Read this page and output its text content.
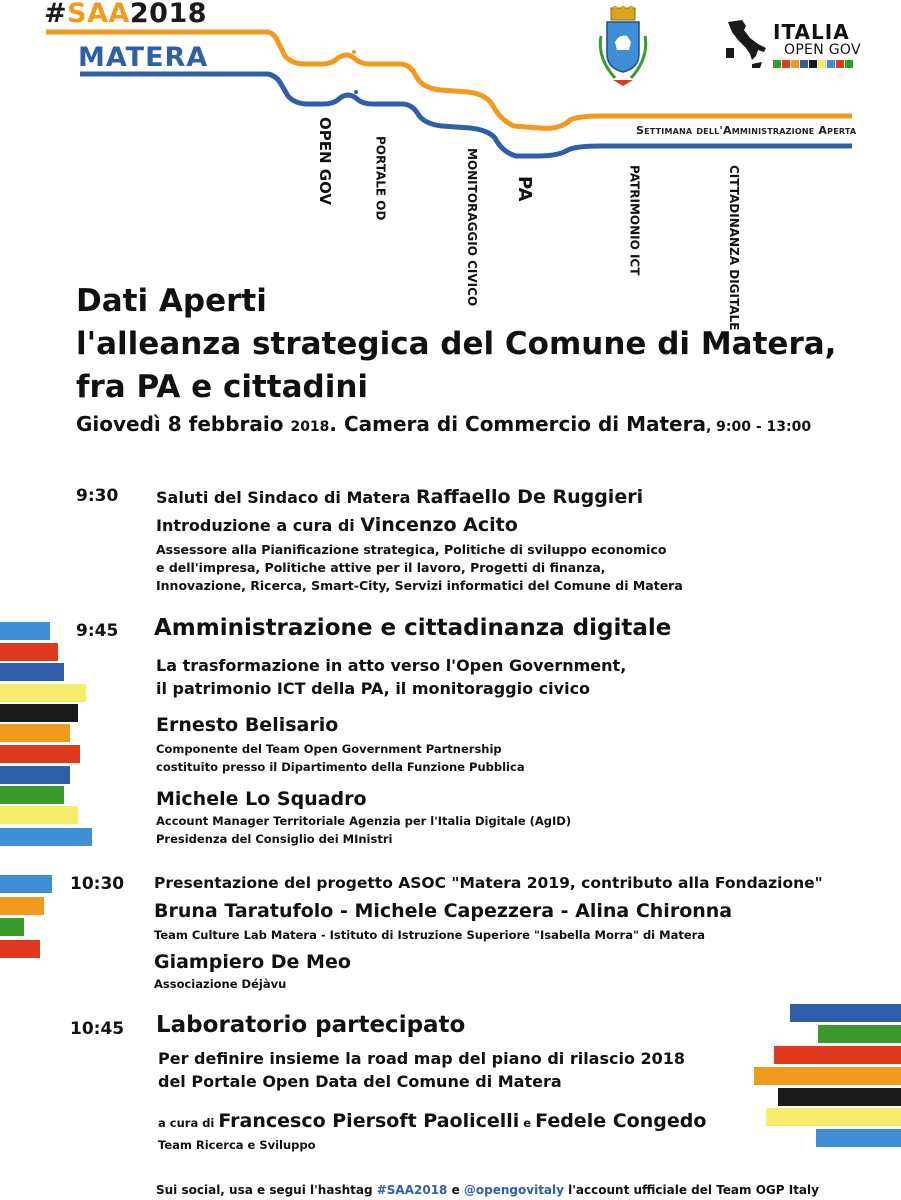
#SAA2018
MATERA
Settimana dell'Amministrazione Aperta
OPEN GOV	PORTALE OD	MONITORAGGIO CIVICO PA	PATRIMONIO ICT	CITTADINANZA DIGITALE
ITALIA
OPEN GOV
Dati Aperti
l'alleanza strategica del Comune di Matera,
fra PA e cittadini
Giovedì 8 febbraio 2018. Camera di Commercio di Matera, 9:00 - 13:00
9:30 Saluti del Sindaco di Matera Raffaello De Ruggieri
Introduzione a cura di Vincenzo Acito
Assessore alla Pianificazione strategica, Politiche di sviluppo economico
e dell'impresa, Politiche attive per il lavoro, Progetti di finanza,
Innovazione, Ricerca, Smart-City, Servizi informatici del Comune di Matera
9:45 Amministrazione e cittadinanza digitale
La trasformazione in atto verso l'Open Government,
il patrimonio ICT della PA, il monitoraggio civico
Ernesto Belisario
Componente del Team Open Government Partnership
costituito presso il Dipartimento della Funzione Pubblica
Michele Lo Squadro
Account Manager Territoriale Agenzia per l'Italia Digitale (AgID)
Presidenza del Consiglio dei MInistri
10:30 Presentazione del progetto ASOC "Matera 2019, contributo alla Fondazione"
Bruna Taratufolo - Michele Capezzera - Alina Chironna
Team Culture Lab Matera - Istituto di Istruzione Superiore "Isabella Morra" di Matera
Giampiero De Meo
Associazione Déjàvu
10:45 Laboratorio partecipato
Per definire insieme la road map del piano di rilascio 2018
del Portale Open Data del Comune di Matera
a cura di Francesco Piersoft Paolicelli e Fedele Congedo
Team Ricerca e Sviluppo
Sui social, usa e segui l'hashtag #SAA2018 e @opengovitaly l'account ufficiale del Team OGP Italy
